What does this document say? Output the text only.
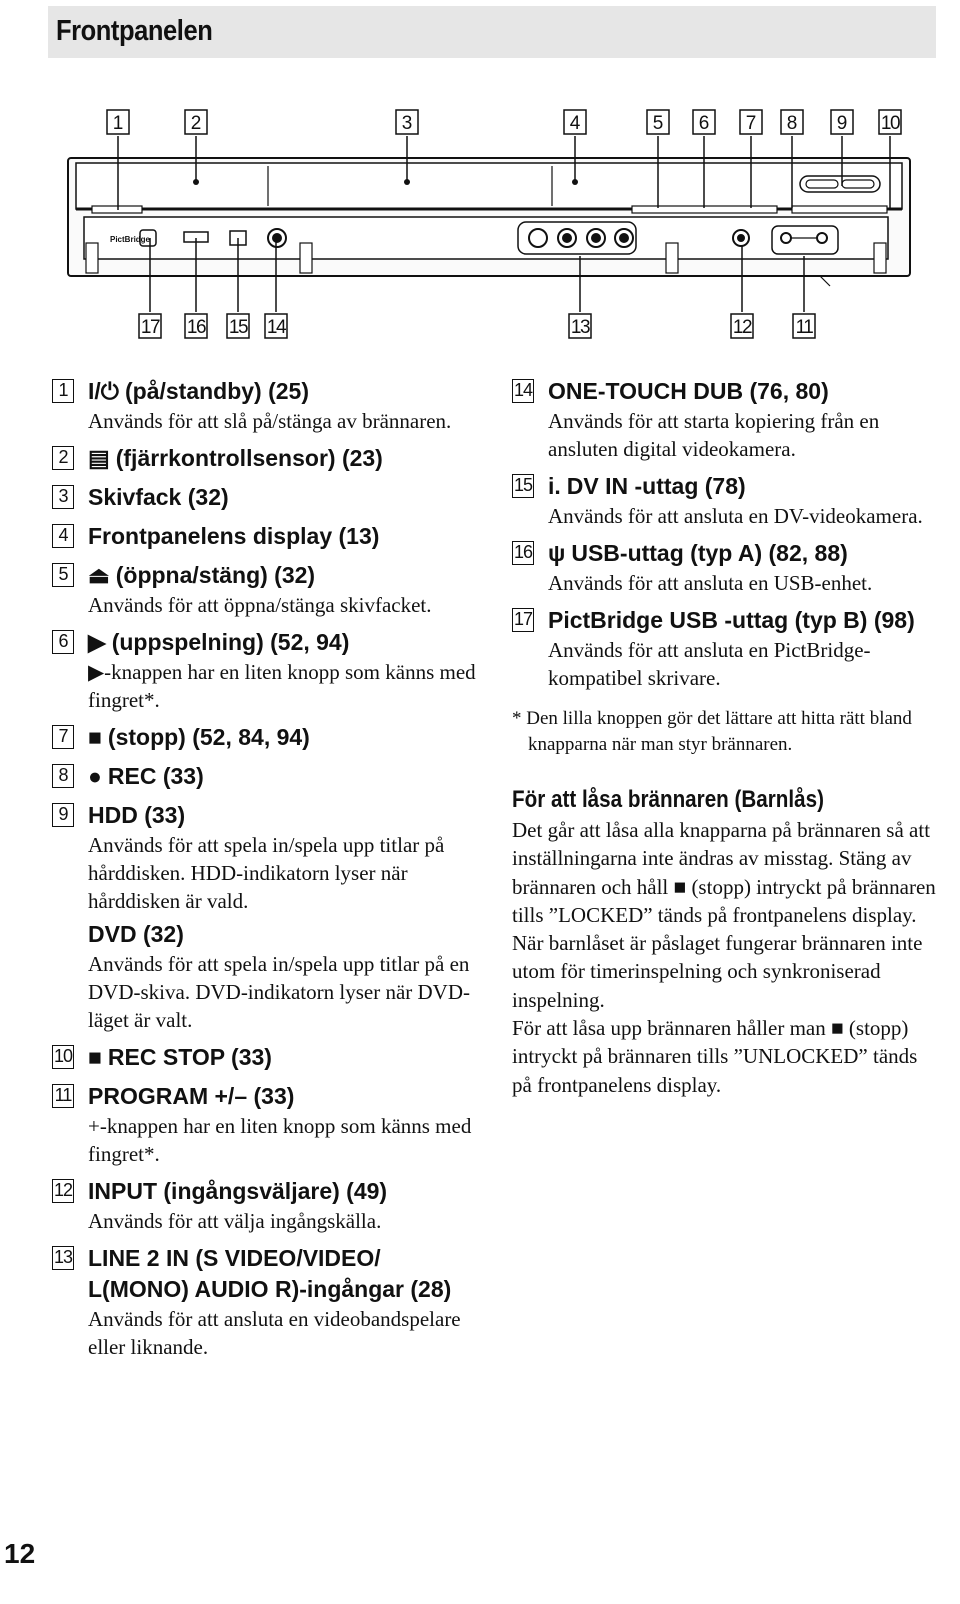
Frontpanelen
1	2	3	4	5 6 7 8 9 10
17 16 15 14	13	12 11
PictBridge
1 I/⏻ (på/standby) (25)
Används för att slå på/stänga av brännaren.
2 ▤ (fjärrkontrollsensor) (23)
3 Skivfack (32)
4 Frontpanelens display (13)
5 ⏏ (öppna/stäng) (32)
Används för att öppna/stänga skivfacket.
6 ▶ (uppspelning) (52, 94)
▶-knappen har en liten knopp som känns med fingret*.
7 ■ (stopp) (52, 84, 94)
8 ● REC (33)
9 HDD (33)
Används för att spela in/spela upp titlar på hårddisken. HDD-indikatorn lyser när hårddisken är vald.
DVD (32)
Används för att spela in/spela upp titlar på en DVD-skiva. DVD-indikatorn lyser när DVD-läget är valt.
10 ■ REC STOP (33)
11 PROGRAM +/– (33)
+-knappen har en liten knopp som känns med fingret*.
12 INPUT (ingångsväljare) (49)
Används för att välja ingångskälla.
13 LINE 2 IN (S VIDEO/VIDEO/ L(MONO) AUDIO R)-ingångar (28)
Används för att ansluta en videobandspelare eller liknande.
14 ONE-TOUCH DUB (76, 80)
Används för att starta kopiering från en ansluten digital videokamera.
15 i. DV IN -uttag (78)
Används för att ansluta en DV-videokamera.
16 ψ USB-uttag (typ A) (82, 88)
Används för att ansluta en USB-enhet.
17 PictBridge USB -uttag (typ B) (98)
Används för att ansluta en PictBridge-kompatibel skrivare.
* Den lilla knoppen gör det lättare att hitta rätt bland knapparna när man styr brännaren.
För att låsa brännaren (Barnlås)
Det går att låsa alla knapparna på brännaren så att inställningarna inte ändras av misstag. Stäng av brännaren och håll ■ (stopp) intryckt på brännaren tills ”LOCKED” tänds på frontpanelens display. När barnlåset är påslaget fungerar brännaren inte utom för timerinspelning och synkroniserad inspelning.
För att låsa upp brännaren håller man ■ (stopp) intryckt på brännaren tills ”UNLOCKED” tänds på frontpanelens display.
12
